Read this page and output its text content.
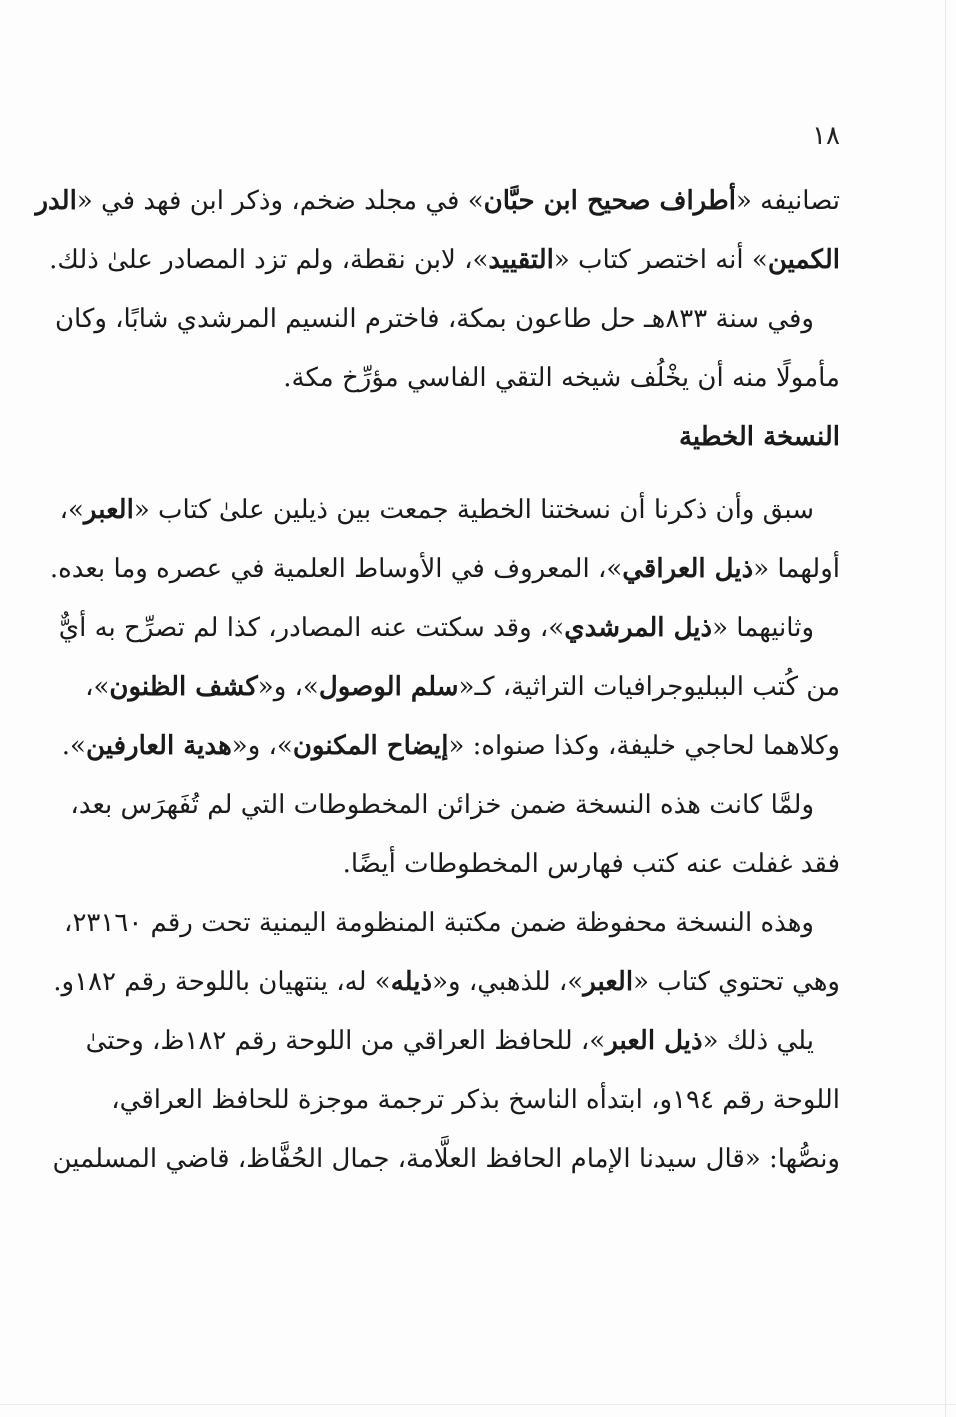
١٨
تصانيفه «أطراف صحيح ابن حبَّان» في مجلد ضخم، وذكر ابن فهد في «الدر
الكمين» أنه اختصر كتاب «التقييد»، لابن نقطة، ولم تزد المصادر علىٰ ذلك.
وفي سنة ٨٣٣هـ حل طاعون بمكة، فاخترم النسيم المرشدي شابًا، وكان
مأمولًا منه أن يخْلُف شيخه التقي الفاسي مؤرِّخ مكة.
النسخة الخطية
سبق وأن ذكرنا أن نسختنا الخطية جمعت بين ذيلين علىٰ كتاب «العبر»،
أولهما «ذيل العراقي»، المعروف في الأوساط العلمية في عصره وما بعده.
وثانيهما «ذيل المرشدي»، وقد سكتت عنه المصادر، كذا لم تصرِّح به أيٌّ
من كُتب الببليوجرافيات التراثية، كـ«سلم الوصول»، و«كشف الظنون»،
وكلاهما لحاجي خليفة، وكذا صنواه: «إيضاح المكنون»، و«هدية العارفين».
ولمَّا كانت هذه النسخة ضمن خزائن المخطوطات التي لم تُفَهرَس بعد،
فقد غفلت عنه كتب فهارس المخطوطات أيضًا.
وهذه النسخة محفوظة ضمن مكتبة المنظومة اليمنية تحت رقم ٢٣١٦٠،
وهي تحتوي كتاب «العبر»، للذهبي، و«ذيله» له، ينتهيان باللوحة رقم ١٨٢و.
يلي ذلك «ذيل العبر»، للحافظ العراقي من اللوحة رقم ١٨٢ظ، وحتىٰ
اللوحة رقم ١٩٤و، ابتدأه الناسخ بذكر ترجمة موجزة للحافظ العراقي،
ونصُّها: «قال سيدنا الإمام الحافظ العلَّامة، جمال الحُفَّاظ، قاضي المسلمين
